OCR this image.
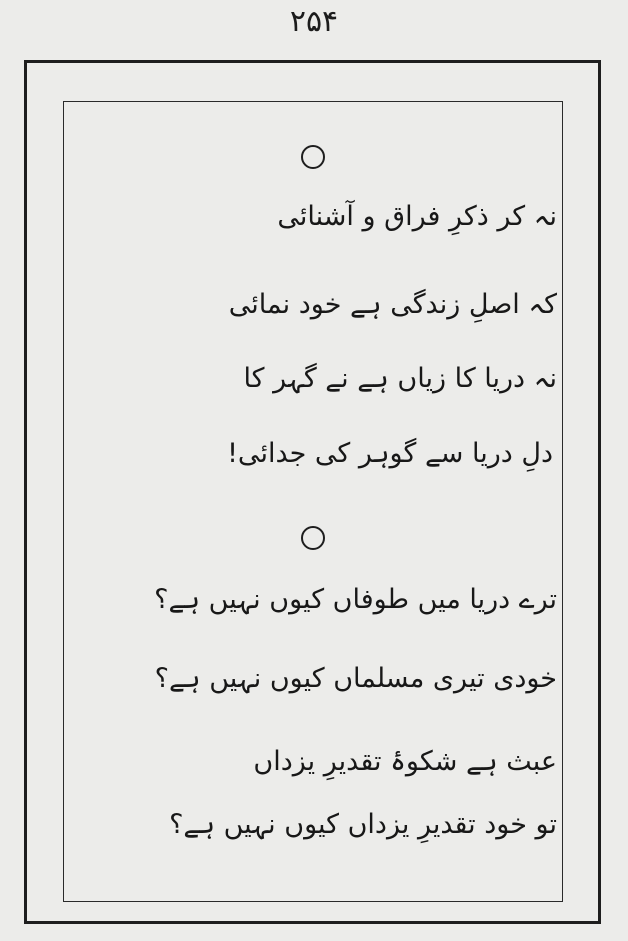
۲۵۴
نہ کر ذکرِ فراق و آشنائی
کہ اصلِ زندگی ہے خود نمائی
نہ دریا کا زیاں ہے نے گہر کا
دلِ دریا سے گوہر کی جدائی!
ترے دریا میں طوفاں کیوں نہیں ہے؟
خودی تیری مسلماں کیوں نہیں ہے؟
عبث ہے شکوۂ تقدیرِ یزداں
تو خود تقدیرِ یزداں کیوں نہیں ہے؟
